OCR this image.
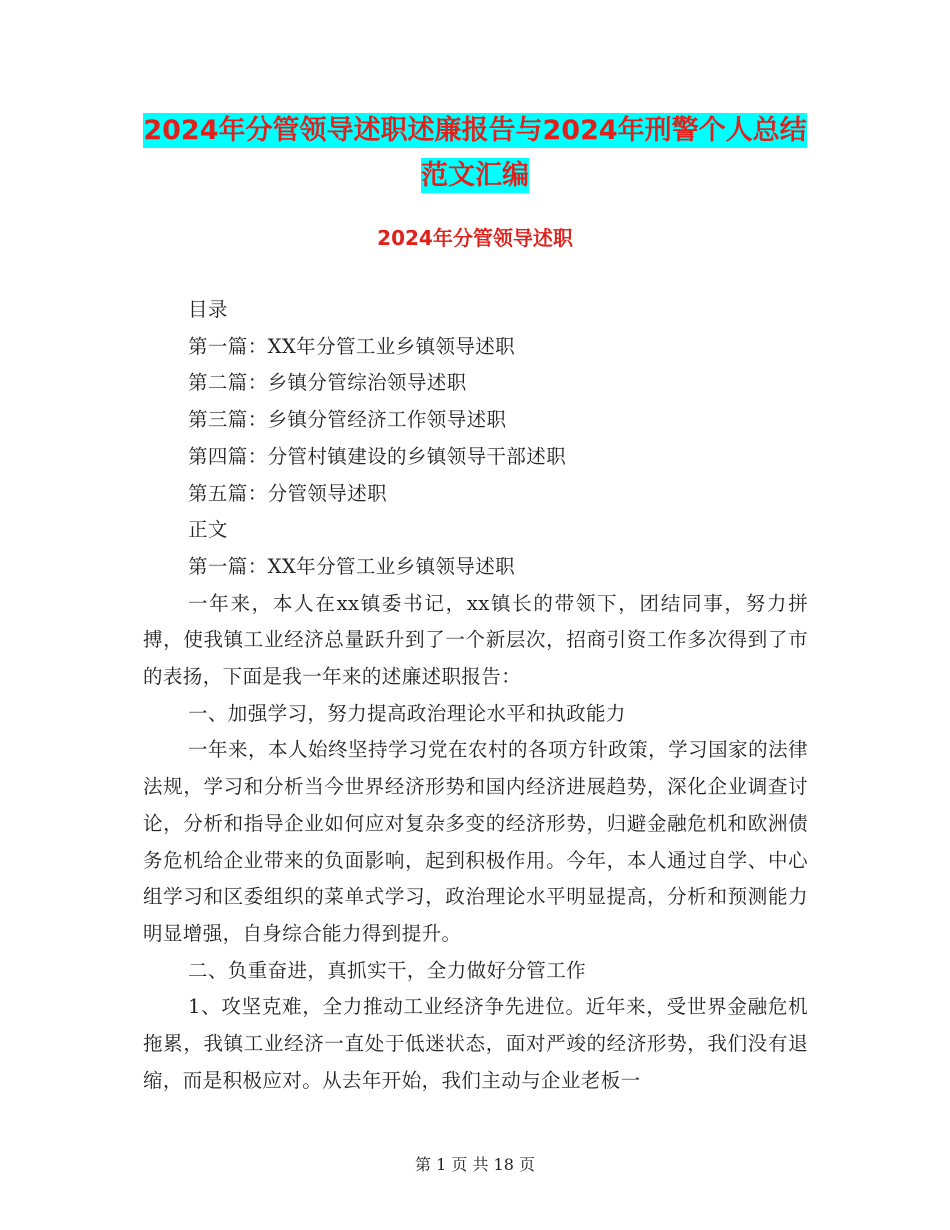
2024年分管领导述职述廉报告与2024年刑警个人总结
范文汇编
2024年分管领导述职

目录

第一篇：XX年分管工业乡镇领导述职

第二篇：乡镇分管综治领导述职

第三篇：乡镇分管经济工作领导述职

第四篇：分管村镇建设的乡镇领导干部述职

第五篇：分管领导述职

正文

第一篇：XX年分管工业乡镇领导述职

一年来，本人在xx镇委书记，xx镇长的带领下，团结同事，努力拼搏，使我镇工业经济总量跃升到了一个新层次，招商引资工作多次得到了市的表扬，下面是我一年来的述廉述职报告：

一、加强学习，努力提高政治理论水平和执政能力

一年来，本人始终坚持学习党在农村的各项方针政策，学习国家的法律法规，学习和分析当今世界经济形势和国内经济进展趋势，深化企业调查讨论，分析和指导企业如何应对复杂多变的经济形势，归避金融危机和欧洲债务危机给企业带来的负面影响，起到积极作用。今年，本人通过自学、中心组学习和区委组织的菜单式学习，政治理论水平明显提高，分析和预测能力明显增强，自身综合能力得到提升。

二、负重奋进，真抓实干，全力做好分管工作

1、攻坚克难，全力推动工业经济争先进位。近年来，受世界金融危机拖累，我镇工业经济一直处于低迷状态，面对严竣的经济形势，我们没有退缩，而是积极应对。从去年开始，我们主动与企业老板一

第 1 页 共 18 页
